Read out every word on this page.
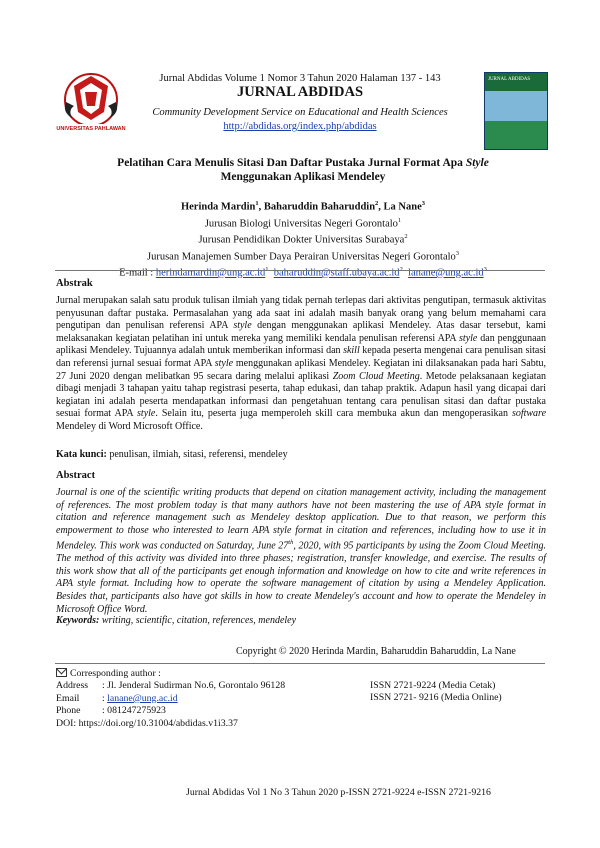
UNIVERSITAS PAHLAWAN
JURNAL ABDIDAS
Jurnal Abdidas Volume 1 Nomor 3 Tahun 2020 Halaman 137 - 143
JURNAL ABDIDAS
Community Development Service on Educational and Health Sciences
http://abdidas.org/index.php/abdidas
Pelatihan Cara Menulis Sitasi Dan Daftar Pustaka Jurnal Format Apa Style
Menggunakan Aplikasi Mendeley
Herinda Mardin$^1$, Baharuddin Baharuddin$^2$, La Nane$^3$
Jurusan Biologi Universitas Negeri Gorontalo$^1$
Jurusan Pendidikan Dokter Universitas Surabaya$^2$
Jurusan Manajemen Sumber Daya Perairan Universitas Negeri Gorontalo$^3$
E-mail : $herindamardin@ung.ac.id^1$ $baharuddin@staff.ubaya.ac.id^2$ $lanane@ung.ac.id^3$
Abstrak
Jurnal merupakan salah satu produk tulisan ilmiah yang tidak pernah terlepas dari aktivitas pengutipan, termasuk aktivitas penyusunan daftar pustaka. Permasalahan yang ada saat ini adalah masih banyak orang yang belum memahami cara pengutipan dan penulisan referensi APA style dengan menggunakan aplikasi Mendeley. Atas dasar tersebut, kami melaksanakan kegiatan pelatihan ini untuk mereka yang memiliki kendala penulisan referensi APA style dan penggunaan aplikasi Mendeley. Tujuannya adalah untuk memberikan informasi dan skill kepada peserta mengenai cara penulisan sitasi dan referensi jurnal sesuai format APA style menggunakan aplikasi Mendeley. Kegiatan ini dilaksanakan pada hari Sabtu, 27 Juni 2020 dengan melibatkan 95 secara daring melalui aplikasi Zoom Cloud Meeting. Metode pelaksanaan kegiatan dibagi menjadi 3 tahapan yaitu tahap registrasi peserta, tahap edukasi, dan tahap praktik. Adapun hasil yang dicapai dari kegiatan ini adalah peserta mendapatkan informasi dan pengetahuan tentang cara penulisan sitasi dan daftar pustaka sesuai format APA style. Selain itu, peserta juga memperoleh skill cara membuka akun dan mengoperasikan software Mendeley di Word Microsoft Office.
Kata kunci: penulisan, ilmiah, sitasi, referensi, mendeley
Abstract
Journal is one of the scientific writing products that depend on citation management activity, including the management of references. The most problem today is that many authors have not been mastering the use of APA style format in citation and reference management such as Mendeley desktop application. Due to that reason, we perform this empowerment to those who interested to learn APA style format in citation and references, including how to use it in Mendeley. This work was conducted on Saturday, June 27th, 2020, with 95 participants by using the Zoom Cloud Meeting. The method of this activity was divided into three phases; registration, transfer knowledge, and exercise. The results of this work show that all of the participants get enough information and knowledge on how to cite and write references in APA style format. Including how to operate the software management of citation by using a Mendeley Application. Besides that, participants also have got skills in how to create Mendeley's account and how to operate the Mendeley in Microsoft Office Word.
Keywords: writing, scientific, citation, references, mendeley
Copyright © 2020 Herinda Mardin, Baharuddin Baharuddin, La Nane
Corresponding author :
Address	: Jl. Jenderal Sudirman No.6, Gorontalo 96128
Email	: lanane@ung.ac.id
Phone	: 081247275923
DOI: https://doi.org/10.31004/abdidas.v1i3.37
ISSN 2721-9224 (Media Cetak)
ISSN 2721- 9216 (Media Online)
Jurnal Abdidas Vol 1 No 3 Tahun 2020 p-ISSN 2721-9224 e-ISSN 2721-9216
